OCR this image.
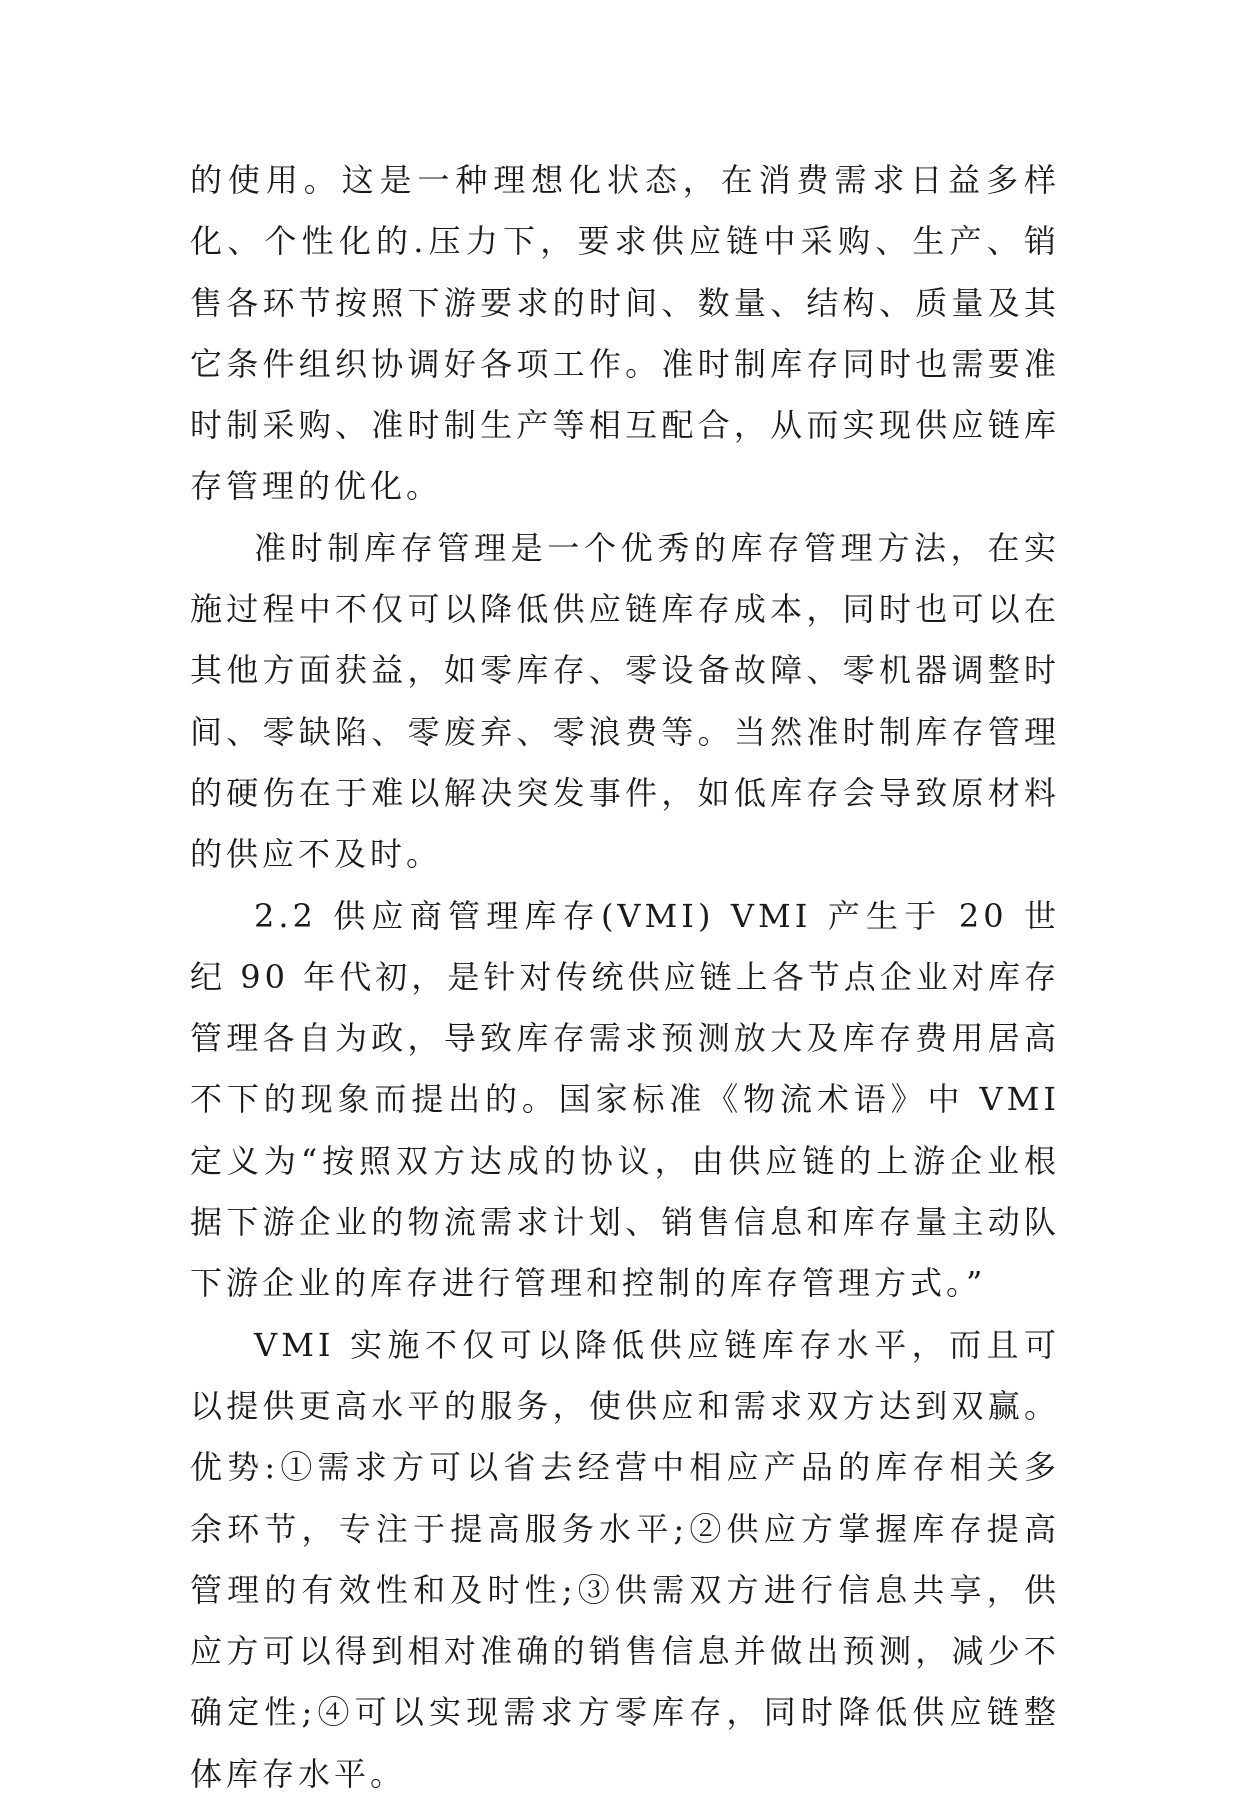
的使用。这是一种理想化状态，在消费需求日益多样化、个性化的.压力下，要求供应链中采购、生产、销售各环节按照下游要求的时间、数量、结构、质量及其它条件组织协调好各项工作。准时制库存同时也需要准时制采购、准时制生产等相互配合，从而实现供应链库存管理的优化。

准时制库存管理是一个优秀的库存管理方法，在实施过程中不仅可以降低供应链库存成本，同时也可以在其他方面获益，如零库存、零设备故障、零机器调整时间、零缺陷、零废弃、零浪费等。当然准时制库存管理的硬伤在于难以解决突发事件，如低库存会导致原材料的供应不及时。

2.2 供应商管理库存(VMI) VMI 产生于 20 世纪 90 年代初，是针对传统供应链上各节点企业对库存管理各自为政，导致库存需求预测放大及库存费用居高不下的现象而提出的。国家标准《物流术语》中 VMI 定义为“按照双方达成的协议，由供应链的上游企业根据下游企业的物流需求计划、销售信息和库存量主动队下游企业的库存进行管理和控制的库存管理方式。”

VMI 实施不仅可以降低供应链库存水平，而且可以提供更高水平的服务，使供应和需求双方达到双赢。优势:①需求方可以省去经营中相应产品的库存相关多余环节，专注于提高服务水平;②供应方掌握库存提高管理的有效性和及时性;③供需双方进行信息共享，供应方可以得到相对准确的销售信息并做出预测，减少不确定性;④可以实现需求方零库存，同时降低供应链整体库存水平。
